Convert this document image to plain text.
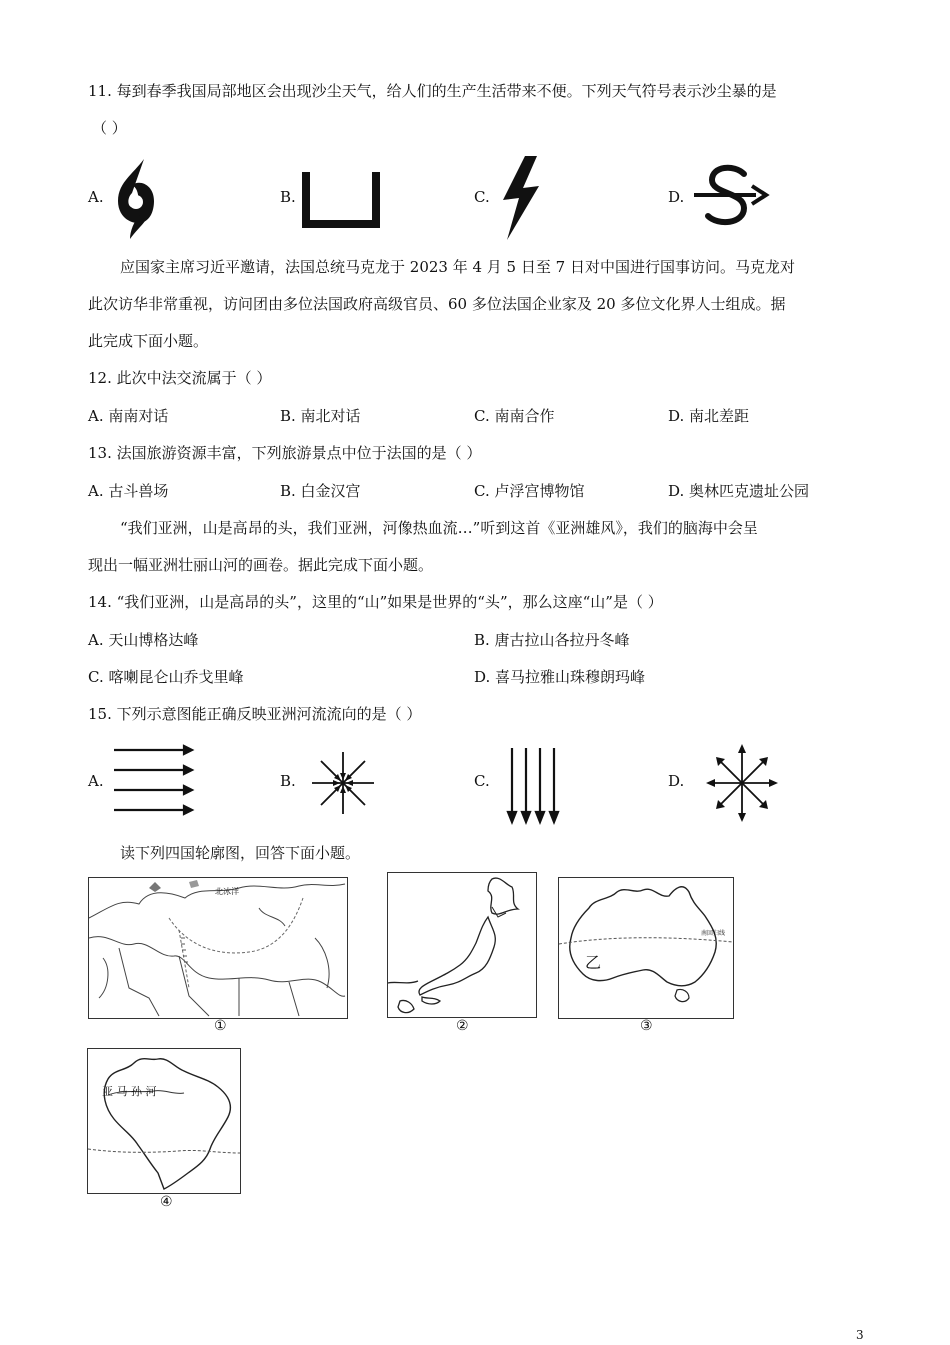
11. 每到春季我国局部地区会出现沙尘天气，给人们的生产生活带来不便。下列天气符号表示沙尘暴的是
（ ）
A.	B.	C.	D.
应国家主席习近平邀请，法国总统马克龙于 2023 年 4 月 5 日至 7 日对中国进行国事访问。马克龙对
此次访华非常重视，访问团由多位法国政府高级官员、60 多位法国企业家及 20 多位文化界人士组成。据
此完成下面小题。
12. 此次中法交流属于（ ）
A. 南南对话	B. 南北对话	C. 南南合作	D. 南北差距
13. 法国旅游资源丰富，下列旅游景点中位于法国的是（ ）
A. 古斗兽场	B. 白金汉宫	C. 卢浮宫博物馆	D. 奥林匹克遗址公园
“我们亚洲，山是高昂的头，我们亚洲，河像热血流…”听到这首《亚洲雄风》，我们的脑海中会呈
现出一幅亚洲壮丽山河的画卷。据此完成下面小题。
14. “我们亚洲，山是高昂的头”，这里的“山”如果是世界的“头”，那么这座“山”是（ ）
A. 天山博格达峰	B. 唐古拉山各拉丹冬峰
C. 喀喇昆仑山乔戈里峰	D. 喜马拉雅山珠穆朗玛峰
15. 下列示意图能正确反映亚洲河流流向的是（ ）
A.	B.	C.	D.
读下列四国轮廓图，回答下面小题。
北冰洋
①	②
乙
南回归线
③
亚 马 孙 河
④
3
